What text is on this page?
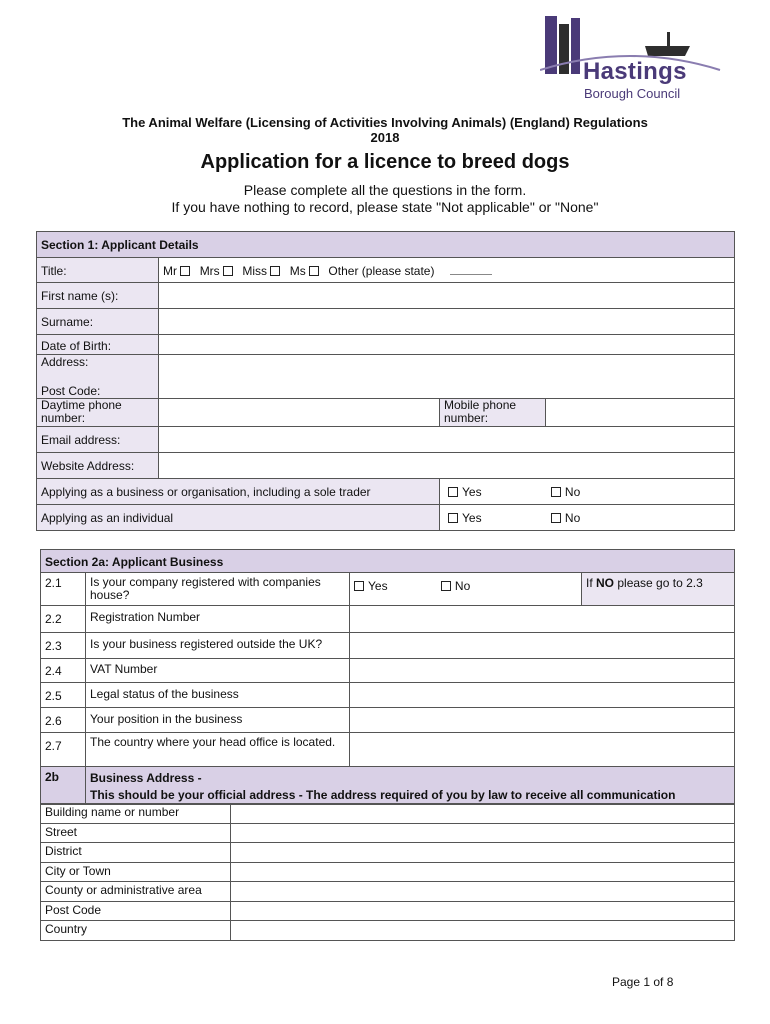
Hastings
Borough Council
The Animal Welfare (Licensing of Activities Involving Animals) (England) Regulations
2018
Application for a licence to breed dogs
Please complete all the questions in the form.
If you have nothing to record, please state "Not applicable" or "None"
Section 1: Applicant Details			
Title:	Mr Mrs Miss Ms Other (please state)		
First name (s):			
Surname:			
Date of Birth:			

Address:
Post Code:			

Daytime phone number:		Mobile phone number:	
Email address:			
Website Address:			
Applying as a business or organisation, including a sole trader		Yes No	
Applying as an individual		Yes No	
Section 2a: Applicant Business			
2.1	Is your company registered with companies house?	Yes No	If NO please go to 2.3
2.2	Registration Number		
2.3	Is your business registered outside the UK?		
2.4	VAT Number		
2.5	Legal status of the business		
2.6	Your position in the business		
2.7	The country where your head office is located.		
2b	Business Address -
This should be your official address - The address required of you by law to receive all communication		
Building name or number	
Street	
District	
City or Town	
County or administrative area	
Post Code	
Country	
Page 1 of 8
